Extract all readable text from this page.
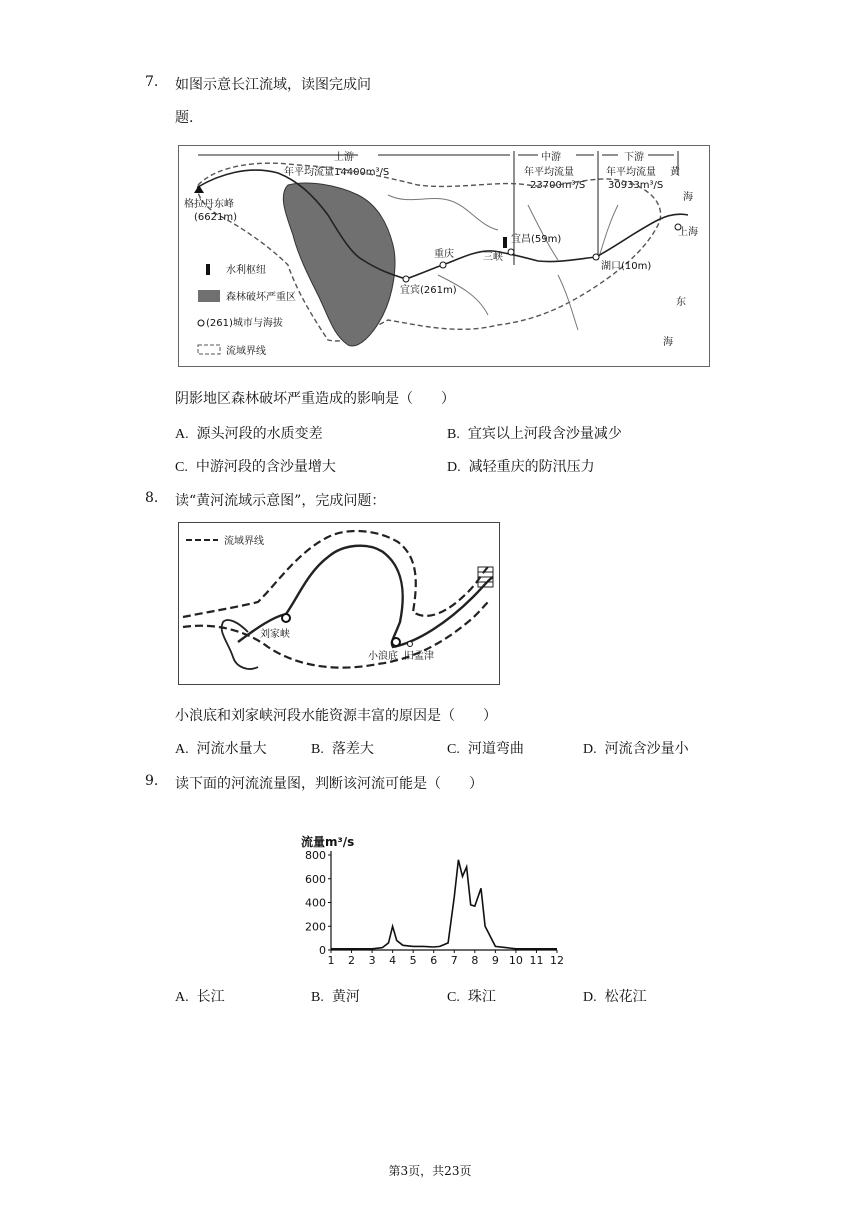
7. 如图示意长江流域，读图完成问
题.
上游
年平均流量14400m³/S
中游
年平均流量
23700m³/S
下游
年平均流量
30933m³/S
格拉丹东峰
(6621m)
重庆	三峡
宜昌(59m)
宜宾(261m)
湖口(10m)
上海
黄
海
东
海
水利枢纽
森林破坏严重区
(261)城市与海拔
流域界线
阴影地区森林破坏严重造成的影响是（　　）
A. 源头河段的水质变差	B. 宜宾以上河段含沙量减少
C. 中游河段的含沙量增大	D. 减轻重庆的防汛压力
8. 读“黄河流域示意图”，完成问题：
流域界线
刘家峡
小浪底 旧孟津
小浪底和刘家峡河段水能资源丰富的原因是（　　）
A. 河流水量大	B. 落差大	C. 河道弯曲	D. 河流含沙量小
9. 读下面的河流流量图，判断该河流可能是（　　）
流量m³/s
0
200
400
600
800
1 2 3 4 5 6 7 8 9 10 11 12
A. 长江	B. 黄河	C. 珠江	D. 松花江
第3页，共23页
